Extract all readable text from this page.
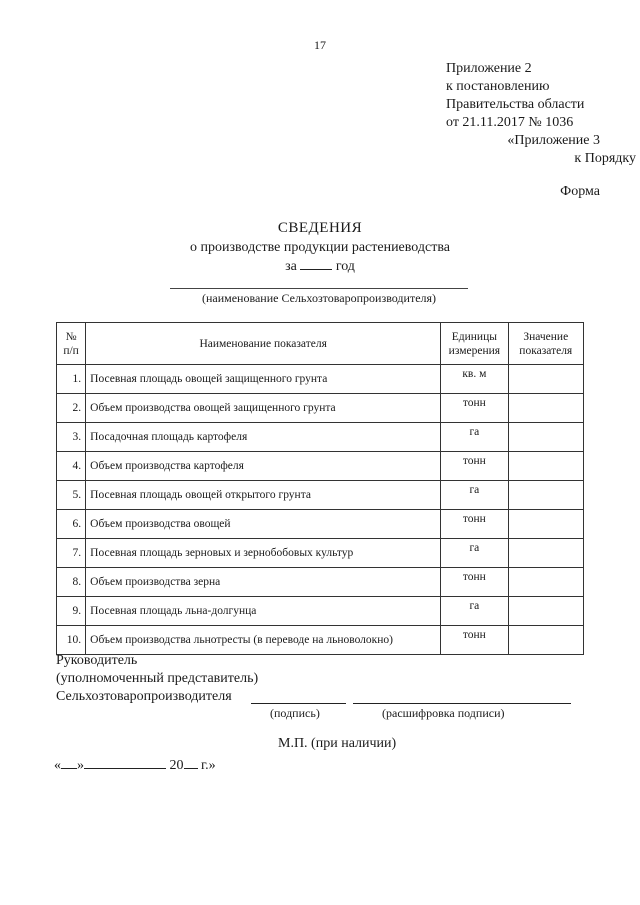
17
Приложение 2
к постановлению
Правительства области
от 21.11.2017 № 1036
«Приложение 3
к Порядку
Форма
СВЕДЕНИЯ
о производстве продукции растениеводства
за	год
(наименование Сельхозтоваропроизводителя)
№ п/п	Наименование показателя	Единицы измерения	Значение показателя
1.	Посевная площадь овощей защищенного грунта	кв. м	
2.	Объем производства овощей защищенного грунта	тонн	
3.	Посадочная площадь картофеля	га	
4.	Объем производства картофеля	тонн	
5.	Посевная площадь овощей открытого грунта	га	
6.	Объем производства овощей	тонн	
7.	Посевная площадь зерновых и зернобобовых культур	га	
8.	Объем производства зерна	тонн	
9.	Посевная площадь льна-долгунца	га	
10.	Объем производства льнотресты (в переводе на льноволокно)	тонн	
Руководитель
(уполномоченный представитель)
Сельхозтоваропроизводителя
(подпись)	(расшифровка подписи)
М.П. (при наличии)
« »	20 г.»
